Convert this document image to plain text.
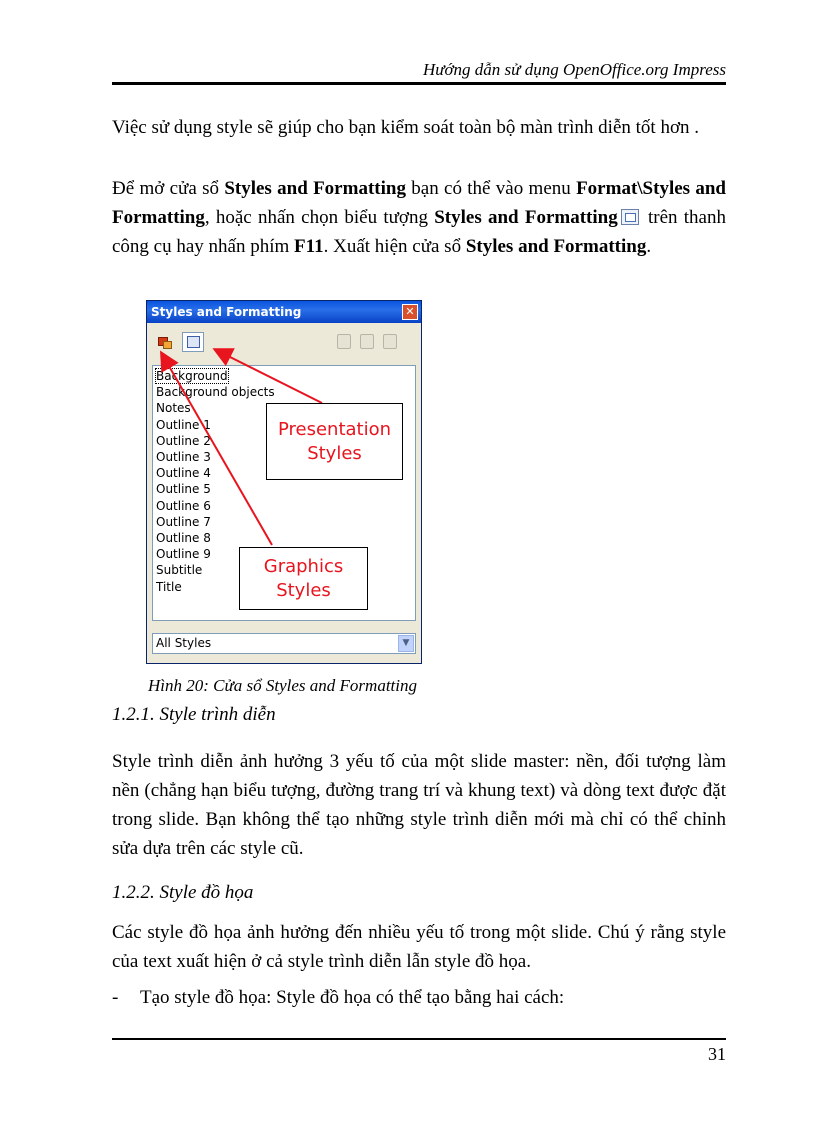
Hướng dẫn sử dụng OpenOffice.org Impress

Việc sử dụng style sẽ giúp cho bạn kiểm soát toàn bộ màn trình diễn tốt hơn .

Để mở cửa sổ Styles and Formatting bạn có thể vào menu Format\Styles and Formatting, hoặc nhấn chọn biểu tượng Styles and Formatting trên thanh công cụ hay nhấn phím F11. Xuất hiện cửa sổ Styles and Formatting.

Styles and Formatting	✕
Background
Background objects
Notes
Outline 1
Outline 2
Outline 3
Outline 4
Outline 5
Outline 6
Outline 7
Outline 8
Outline 9
Subtitle
Title
All Styles	▼
Presentation Styles
Graphics Styles
Hình 20: Cửa sổ Styles and Formatting
1.2.1. Style trình diễn

Style trình diễn ảnh hưởng 3 yếu tố của một slide master: nền, đối tượng làm nền (chẳng hạn biểu tượng, đường trang trí và khung text) và dòng text được đặt trong slide. Bạn không thể tạo những style trình diễn mới mà chỉ có thể chỉnh sửa dựa trên các style cũ.

1.2.2. Style đồ họa

Các style đồ họa ảnh hưởng đến nhiều yếu tố trong một slide. Chú ý rằng style của text xuất hiện ở cả style trình diễn lẫn style đồ họa.

- Tạo style đồ họa: Style đồ họa có thể tạo bằng hai cách:
31
